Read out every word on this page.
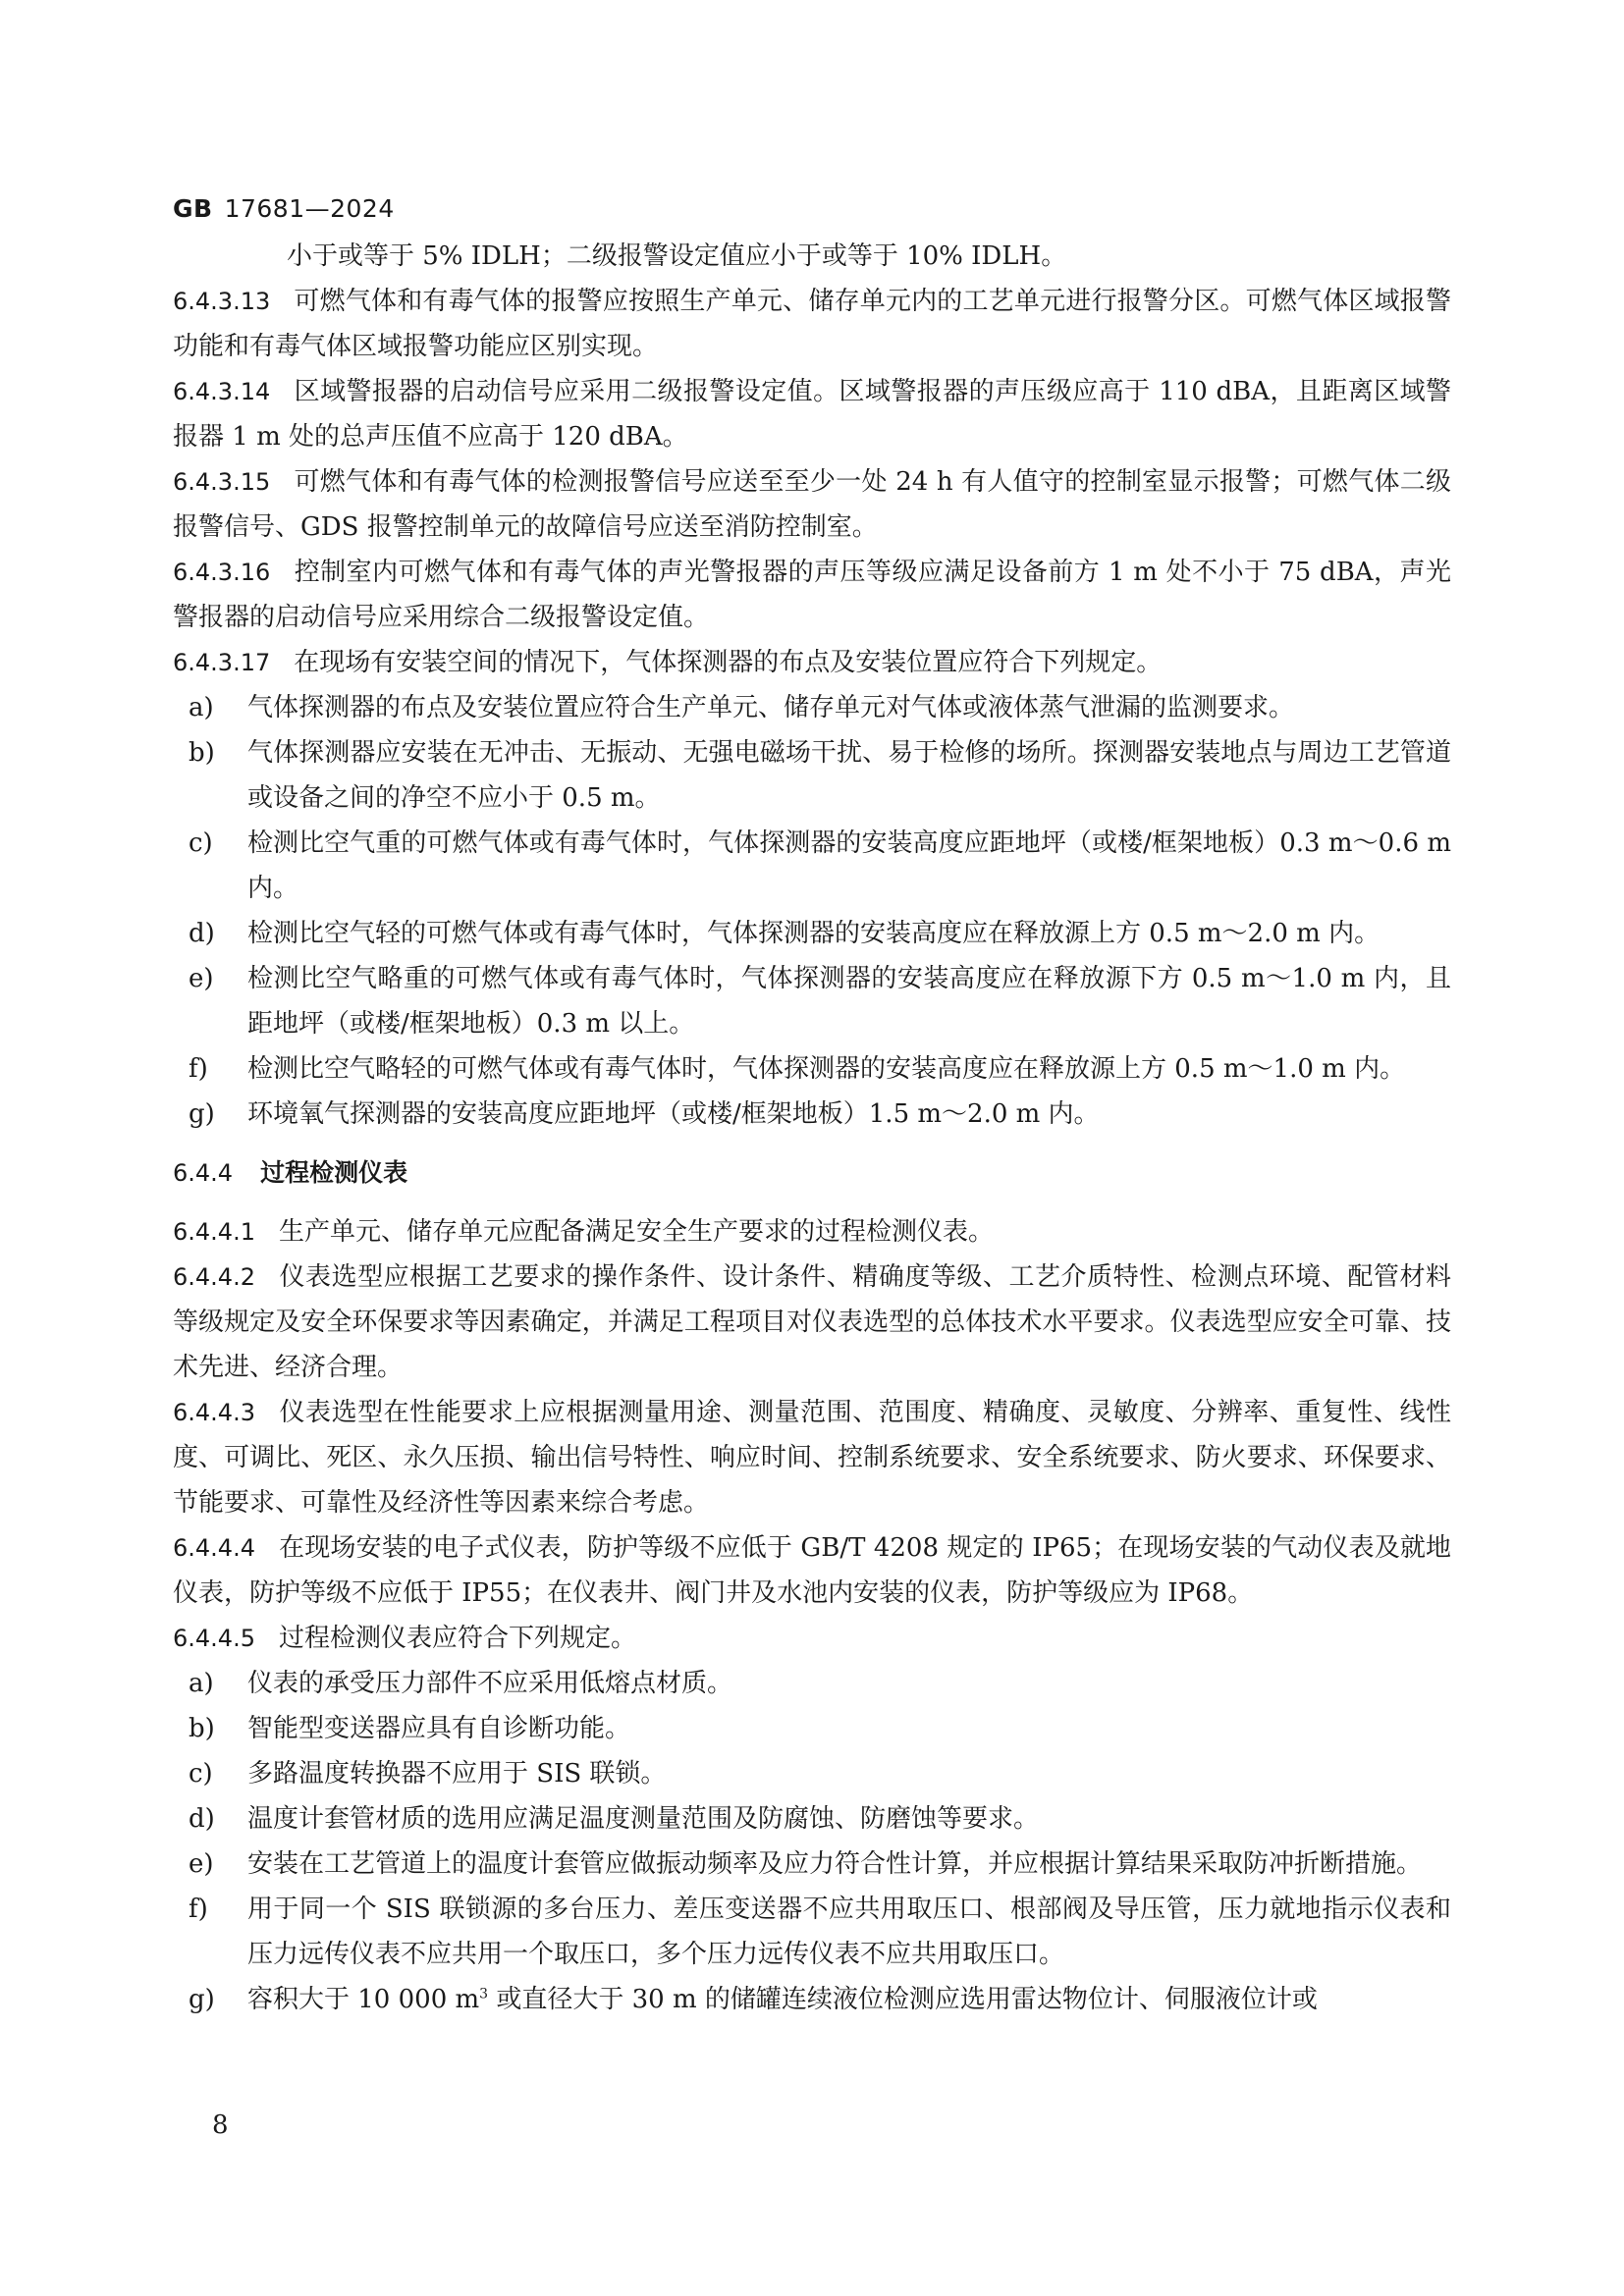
GB 17681—2024

小于或等于 5% IDLH；二级报警设定值应小于或等于 10% IDLH。

6.4.3.13 可燃气体和有毒气体的报警应按照生产单元、储存单元内的工艺单元进行报警分区。可燃气体区域报警功能和有毒气体区域报警功能应区别实现。

6.4.3.14 区域警报器的启动信号应采用二级报警设定值。区域警报器的声压级应高于 110 dBA，且距离区域警报器 1 m 处的总声压值不应高于 120 dBA。

6.4.3.15 可燃气体和有毒气体的检测报警信号应送至至少一处 24 h 有人值守的控制室显示报警；可燃气体二级报警信号、GDS 报警控制单元的故障信号应送至消防控制室。

6.4.3.16 控制室内可燃气体和有毒气体的声光警报器的声压等级应满足设备前方 1 m 处不小于 75 dBA，声光警报器的启动信号应采用综合二级报警设定值。

6.4.3.17 在现场有安装空间的情况下，气体探测器的布点及安装位置应符合下列规定。

a)	气体探测器的布点及安装位置应符合生产单元、储存单元对气体或液体蒸气泄漏的监测要求。
b)	气体探测器应安装在无冲击、无振动、无强电磁场干扰、易于检修的场所。探测器安装地点与周边工艺管道或设备之间的净空不应小于 0.5 m。
c)	检测比空气重的可燃气体或有毒气体时，气体探测器的安装高度应距地坪（或楼/框架地板）0.3 m～0.6 m 内。
d)	检测比空气轻的可燃气体或有毒气体时，气体探测器的安装高度应在释放源上方 0.5 m～2.0 m 内。
e)	检测比空气略重的可燃气体或有毒气体时，气体探测器的安装高度应在释放源下方 0.5 m～1.0 m 内，且距地坪（或楼/框架地板）0.3 m 以上。
f)	检测比空气略轻的可燃气体或有毒气体时，气体探测器的安装高度应在释放源上方 0.5 m～1.0 m 内。
g)	环境氧气探测器的安装高度应距地坪（或楼/框架地板）1.5 m～2.0 m 内。
6.4.4 过程检测仪表

6.4.4.1 生产单元、储存单元应配备满足安全生产要求的过程检测仪表。

6.4.4.2 仪表选型应根据工艺要求的操作条件、设计条件、精确度等级、工艺介质特性、检测点环境、配管材料等级规定及安全环保要求等因素确定，并满足工程项目对仪表选型的总体技术水平要求。仪表选型应安全可靠、技术先进、经济合理。

6.4.4.3 仪表选型在性能要求上应根据测量用途、测量范围、范围度、精确度、灵敏度、分辨率、重复性、线性度、可调比、死区、永久压损、输出信号特性、响应时间、控制系统要求、安全系统要求、防火要求、环保要求、节能要求、可靠性及经济性等因素来综合考虑。

6.4.4.4 在现场安装的电子式仪表，防护等级不应低于 GB/T 4208 规定的 IP65；在现场安装的气动仪表及就地仪表，防护等级不应低于 IP55；在仪表井、阀门井及水池内安装的仪表，防护等级应为 IP68。

6.4.4.5 过程检测仪表应符合下列规定。

a)	仪表的承受压力部件不应采用低熔点材质。
b)	智能型变送器应具有自诊断功能。
c)	多路温度转换器不应用于 SIS 联锁。
d)	温度计套管材质的选用应满足温度测量范围及防腐蚀、防磨蚀等要求。
e)	安装在工艺管道上的温度计套管应做振动频率及应力符合性计算，并应根据计算结果采取防冲折断措施。
f)	用于同一个 SIS 联锁源的多台压力、差压变送器不应共用取压口、根部阀及导压管，压力就地指示仪表和压力远传仪表不应共用一个取压口，多个压力远传仪表不应共用取压口。
g)	容积大于 10 000 $m^3$ 或直径大于 30 m 的储罐连续液位检测应选用雷达物位计、伺服液位计或
8
